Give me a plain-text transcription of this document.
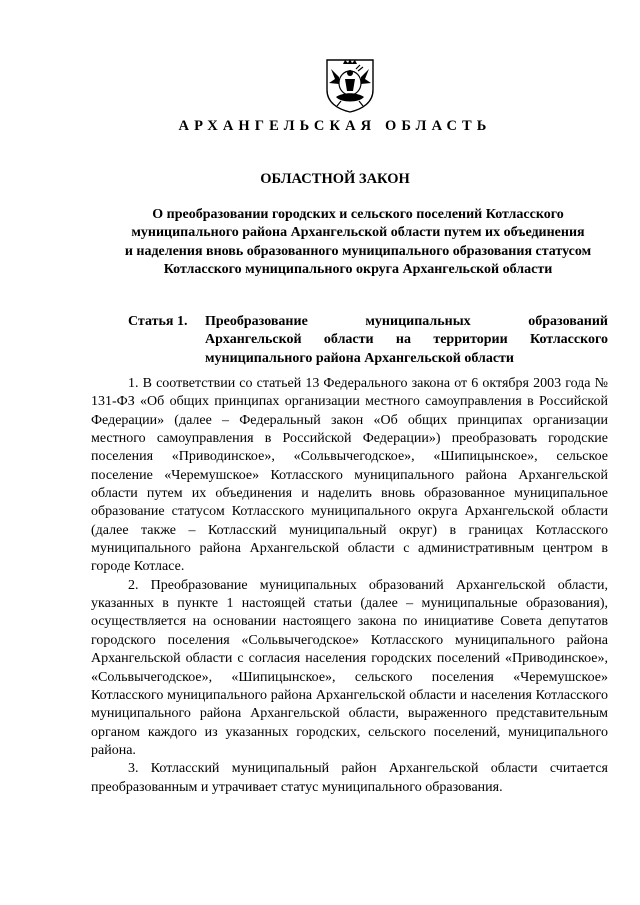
АРХАНГЕЛЬСКАЯ ОБЛАСТЬ
ОБЛАСТНОЙ ЗАКОН
О преобразовании городских и сельского поселений Котласского
муниципального района Архангельской области путем их объединения
и наделения вновь образованного муниципального образования статусом
Котласского муниципального округа Архангельской области
Статья 1. Преобразование муниципальных образований
Архангельской области на территории Котласского
муниципального района Архангельской области

1. В соответствии со статьей 13 Федерального закона от 6 октября 2003 года № 131-ФЗ «Об общих принципах организации местного самоуправления в Российской Федерации» (далее – Федеральный закон «Об общих принципах организации местного самоуправления в Российской Федерации») преобразовать городские поселения «Приводинское», «Сольвычегодское», «Шипицынское», сельское поселение «Черемушское» Котласского муниципального района Архангельской области путем их объединения и наделить вновь образованное муниципальное образование статусом Котласского муниципального округа Архангельской области (далее также – Котласский муниципальный округ) в границах Котласского муниципального района Архангельской области с административным центром в городе Котласе.

2. Преобразование муниципальных образований Архангельской области, указанных в пункте 1 настоящей статьи (далее – муниципальные образования), осуществляется на основании настоящего закона по инициативе Совета депутатов городского поселения «Сольвычегодское» Котласского муниципального района Архангельской области с согласия населения городских поселений «Приводинское», «Сольвычегодское», «Шипицынское», сельского поселения «Черемушское» Котласского муниципального района Архангельской области и населения Котласского муниципального района Архангельской области, выраженного представительным органом каждого из указанных городских, сельского поселений, муниципального района.

3. Котласский муниципальный район Архангельской области считается преобразованным и утрачивает статус муниципального образования.
